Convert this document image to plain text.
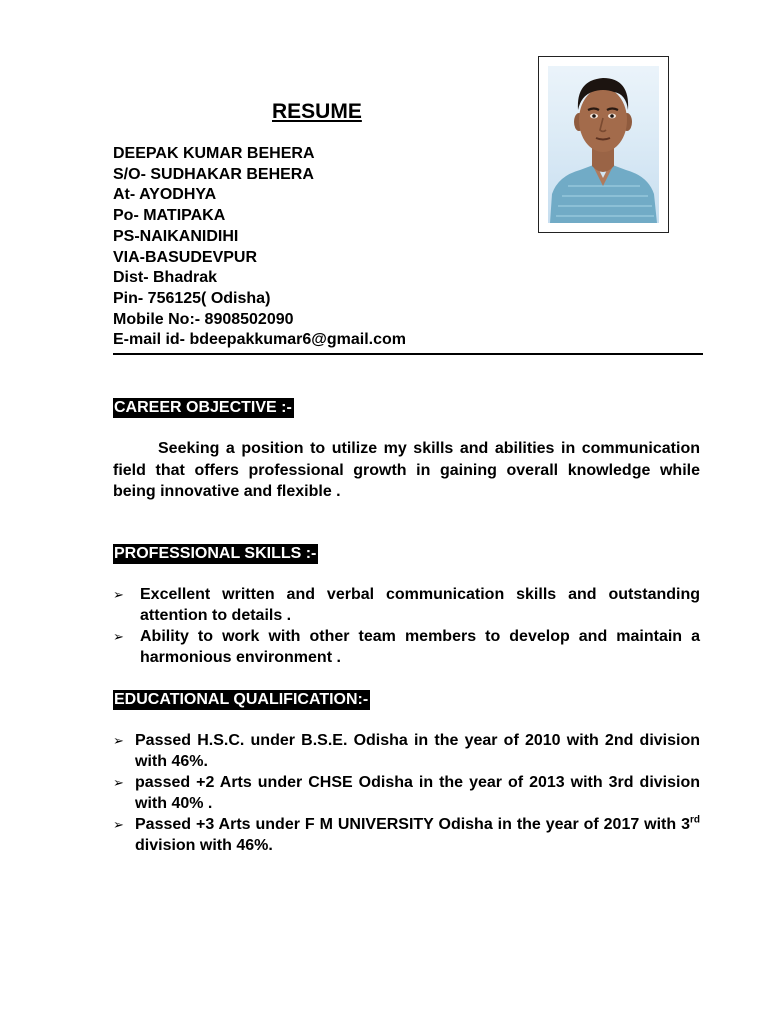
RESUME
DEEPAK KUMAR BEHERA
S/O- SUDHAKAR BEHERA
At- AYODHYA
Po- MATIPAKA
PS-NAIKANIDIHI
VIA-BASUDEVPUR
Dist- Bhadrak
Pin- 756125( Odisha)
Mobile No:- 8908502090
E-mail id- bdeepakkumar6@gmail.com
CAREER OBJECTIVE :-
Seeking a position to utilize my skills and abilities in communication field that offers professional growth in gaining overall knowledge while being innovative and flexible .
PROFESSIONAL SKILLS :-
➢ Excellent written and verbal communication skills and outstanding attention to details .
➢ Ability to work with other team members to develop and maintain a harmonious environment .
EDUCATIONAL QUALIFICATION:-
➢ Passed H.S.C. under B.S.E. Odisha in the year of 2010 with 2nd division with 46%.
➢ passed +2 Arts under CHSE Odisha in the year of 2013 with 3rd division with 40% .
➢ Passed +3 Arts under F M UNIVERSITY Odisha in the year of 2017 with 3rd division with 46%.
